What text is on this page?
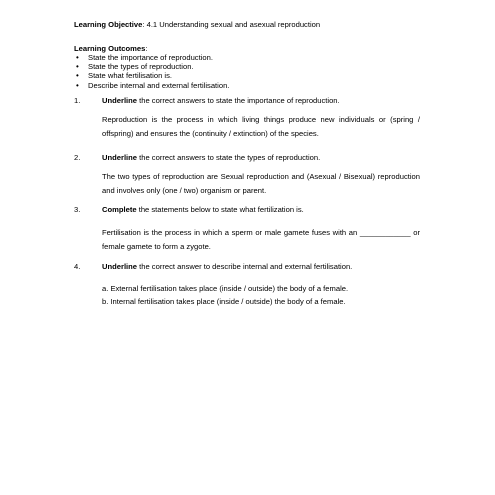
Learning Objective: 4.1 Understanding sexual and asexual reproduction
Learning Outcomes:
• State the importance of reproduction.
• State the types of reproduction.
• State what fertilisation is.
• Describe internal and external fertilisation.
1.	Underline the correct answers to state the importance of reproduction.

Reproduction is the process in which living things produce new individuals or (spring / offspring) and ensures the (continuity / extinction) of the species.

2.	Underline the correct answers to state the types of reproduction.

The two types of reproduction are Sexual reproduction and (Asexual / Bisexual) reproduction and involves only (one / two) organism or parent.

3.	Complete the statements below to state what fertilization is.

Fertilisation is the process in which a sperm or male gamete fuses with an ____________ or female gamete to form a zygote.

4.	Underline the correct answer to describe internal and external fertilisation.
a. External fertilisation takes place (inside / outside) the body of a female.
b. Internal fertilisation takes place (inside / outside) the body of a female.
